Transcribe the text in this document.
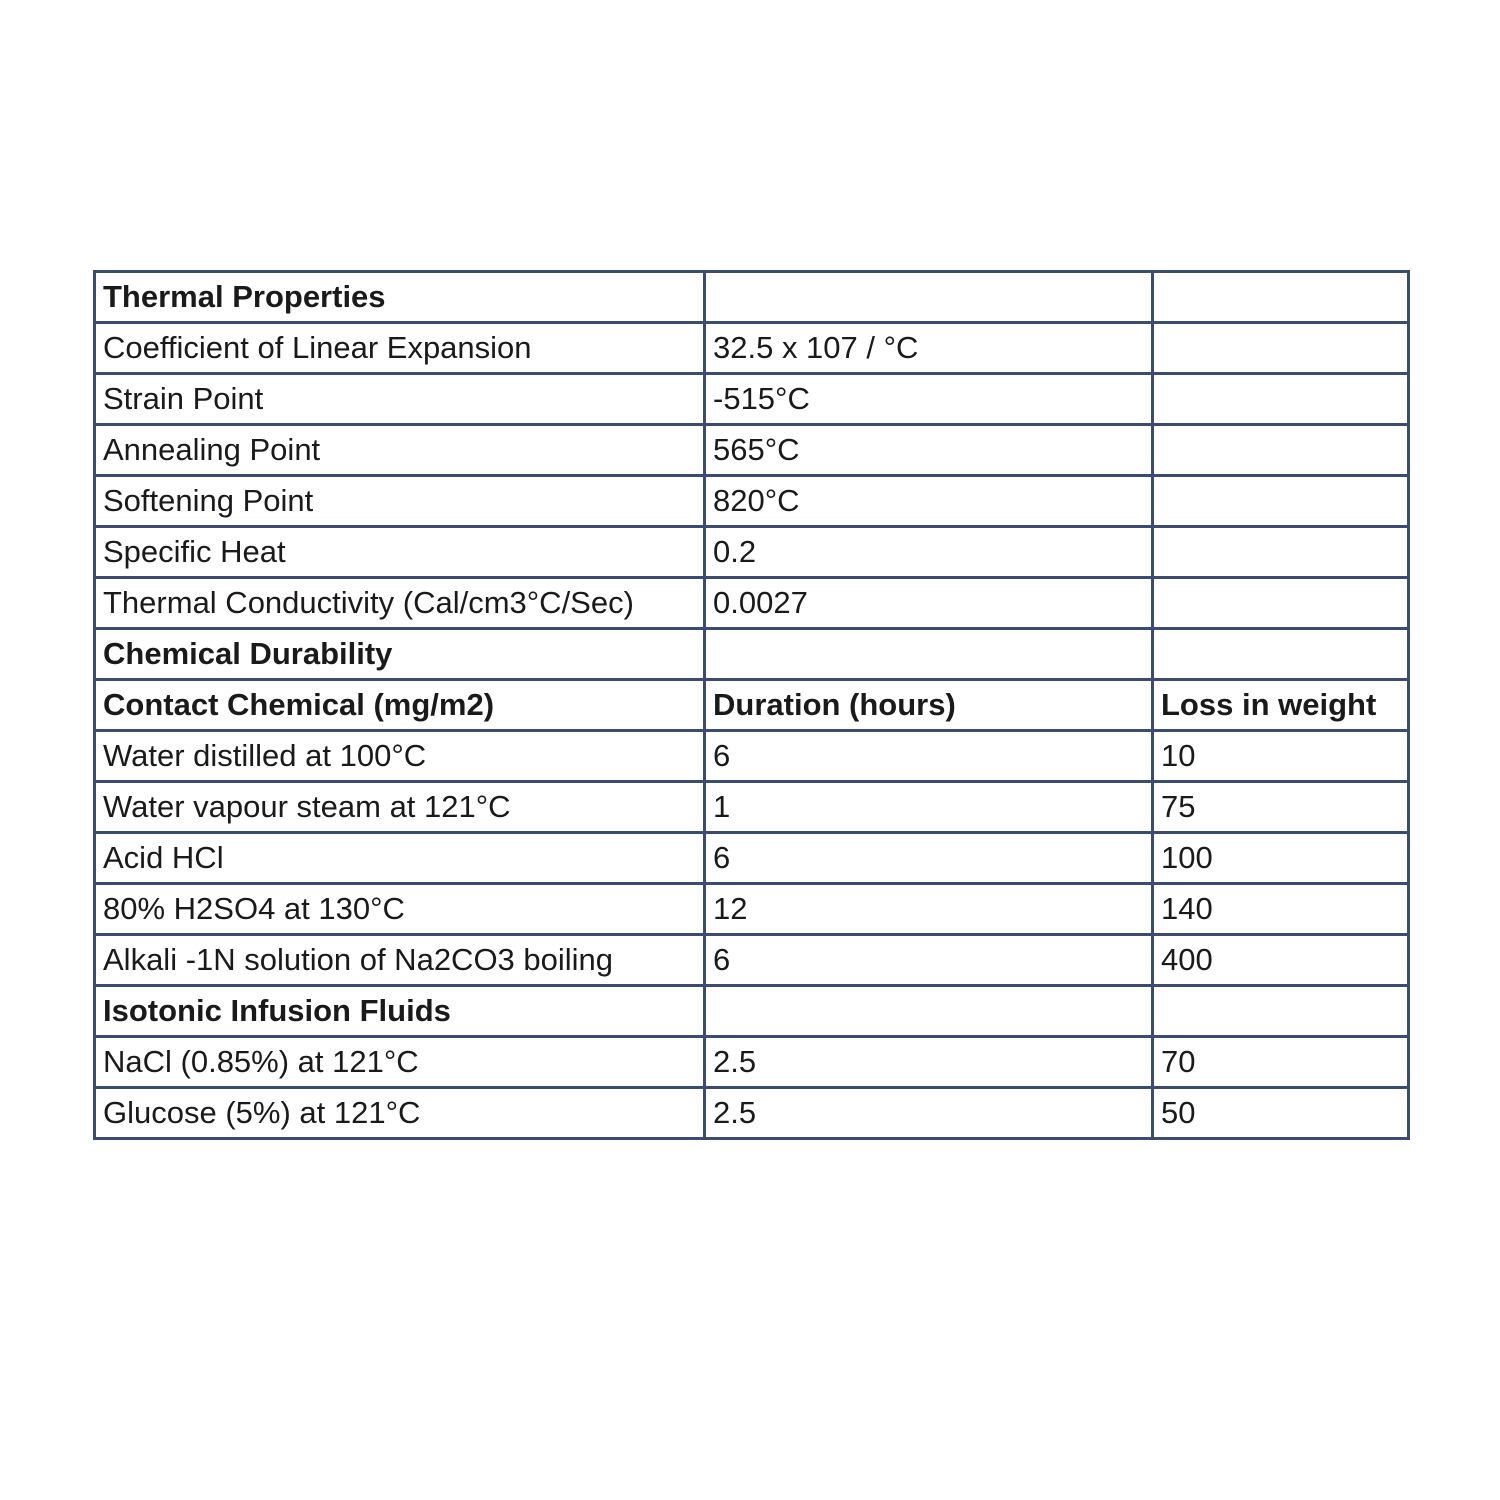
Thermal Properties		
Coefficient of Linear Expansion	32.5 x 107 / °C	
Strain Point	-515°C	
Annealing Point	565°C	
Softening Point	820°C	
Specific Heat	0.2	
Thermal Conductivity (Cal/cm3°C/Sec)	0.0027	
Chemical Durability		
Contact Chemical (mg/m2)	Duration (hours)	Loss in weight
Water distilled at 100°C	6	10
Water vapour steam at 121°C	1	75
Acid HCl	6	100
80% H2SO4 at 130°C	12	140
Alkali -1N solution of Na2CO3 boiling	6	400
Isotonic Infusion Fluids		
NaCl (0.85%) at 121°C	2.5	70
Glucose (5%) at 121°C	2.5	50
